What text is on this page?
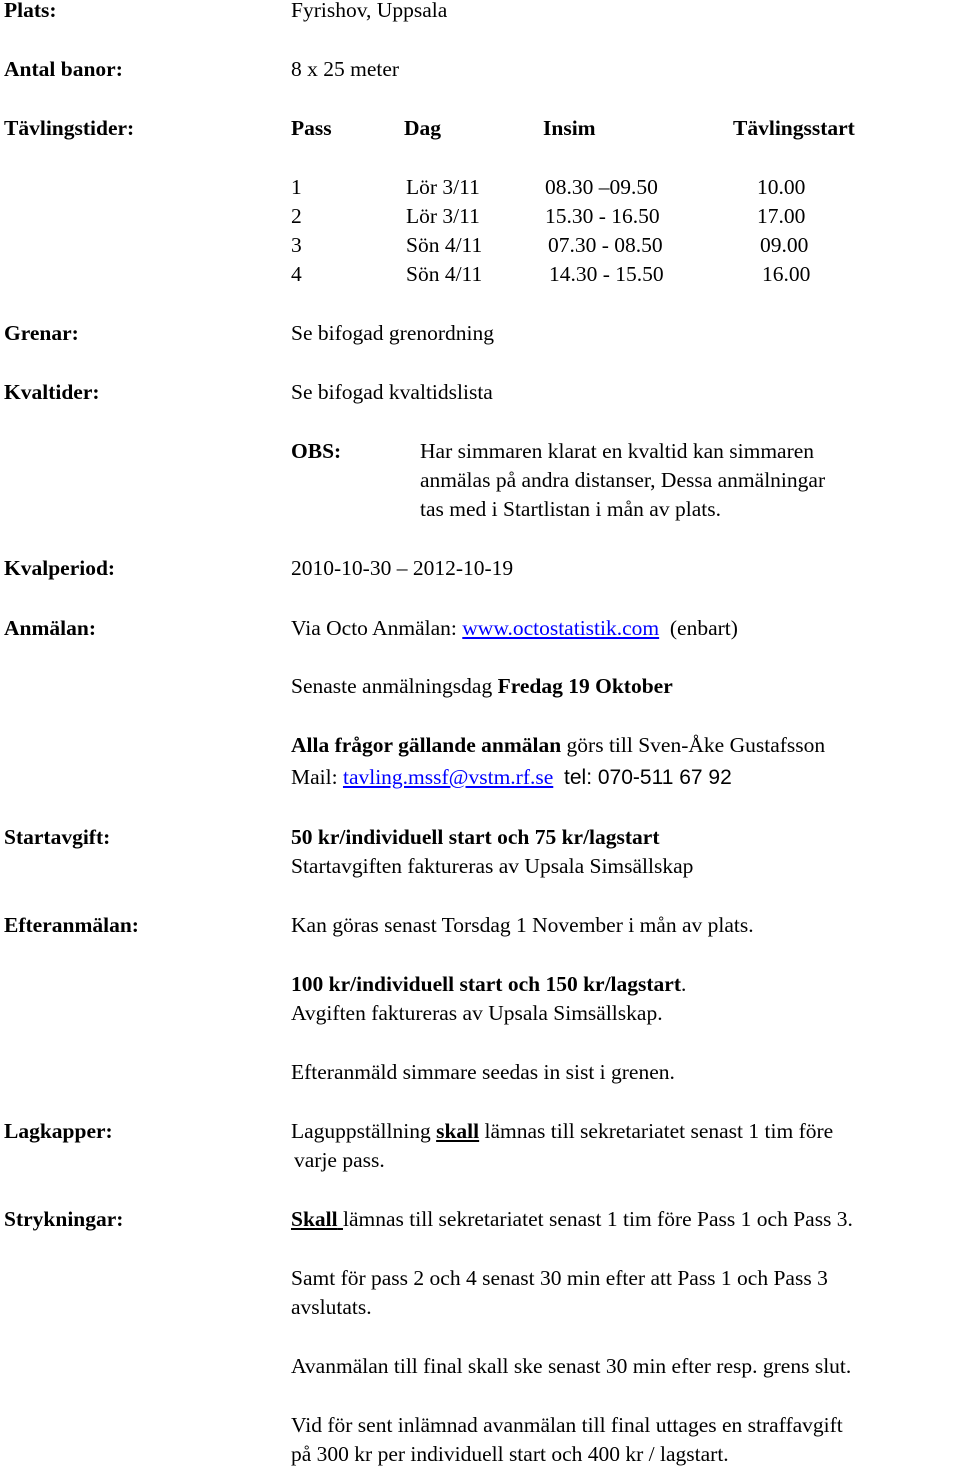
Plats:	Fyrishov, Uppsala
Antal banor:	8 x 25 meter
Tävlingstider:	Pass	Dag	Insim	Tävlingsstart
1	Lör 3/11	08.30 –09.50	10.00
2	Lör 3/11	15.30 - 16.50	17.00
3	Sön 4/11	07.30 - 08.50	09.00
4	Sön 4/11	14.30 - 15.50	16.00
Grenar:	Se bifogad grenordning
Kvaltider:	Se bifogad kvaltidslista
OBS:	Har simmaren klarat en kvaltid kan simmaren
anmälas på andra distanser, Dessa anmälningar
tas med i Startlistan i mån av plats.
Kvalperiod:	2010-10-30 – 2012-10-19
Anmälan:	Via Octo Anmälan: www.octostatistik.com (enbart)
Senaste anmälningsdag Fredag 19 Oktober
Alla frågor gällande anmälan görs till Sven-Åke Gustafsson
Mail: tavling.mssf@vstm.rf.se tel: 070-511 67 92
Startavgift:	50 kr/individuell start och 75 kr/lagstart
Startavgiften faktureras av Upsala Simsällskap
Efteranmälan:	Kan göras senast Torsdag 1 November i mån av plats.
100 kr/individuell start och 150 kr/lagstart.
Avgiften faktureras av Upsala Simsällskap.
Efteranmäld simmare seedas in sist i grenen.
Lagkapper:	Laguppställning skall lämnas till sekretariatet senast 1 tim före
varje pass.
Strykningar:	Skall lämnas till sekretariatet senast 1 tim före Pass 1 och Pass 3.
Samt för pass 2 och 4 senast 30 min efter att Pass 1 och Pass 3
avslutats.
Avanmälan till final skall ske senast 30 min efter resp. grens slut.
Vid för sent inlämnad avanmälan till final uttages en straffavgift
på 300 kr per individuell start och 400 kr / lagstart.
